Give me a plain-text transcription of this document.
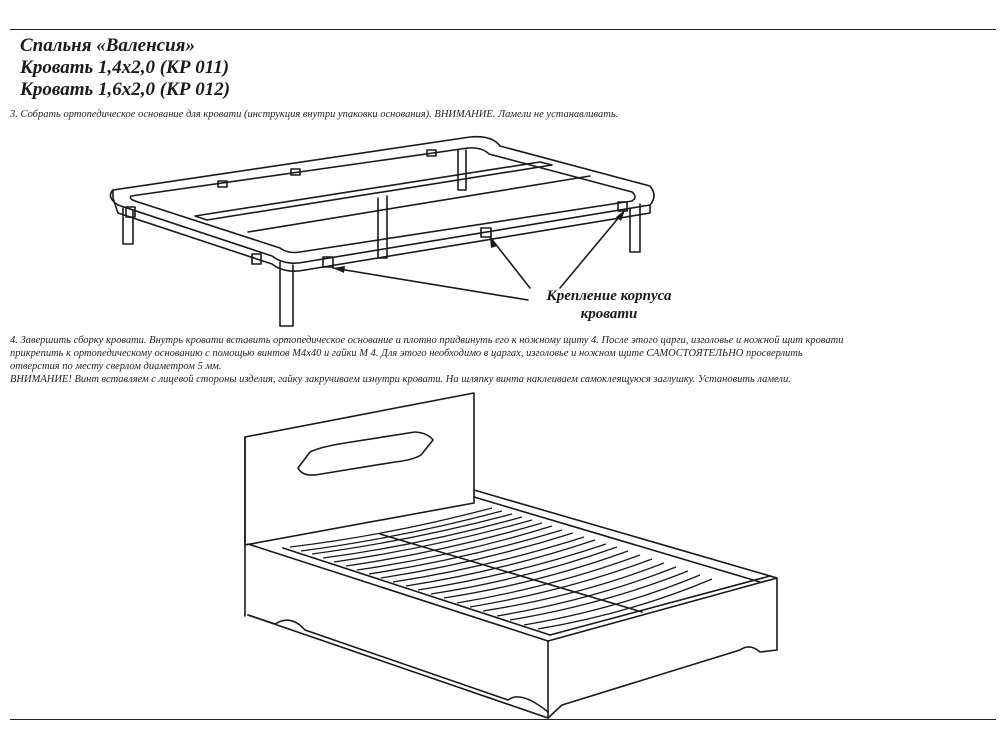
Спальня «Валенсия»
Кровать 1,4х2,0 (КР 011)
Кровать 1,6х2,0 (КР 012)

3. Собрать ортопедическое основание для кровати (инструкция внутри упаковки основания). ВНИМАНИЕ. Ламели не устанавливать.

Крепление корпуса
кровати
4. Завершить сборку кровати. Внутрь кровати вставить ортопедическое основание и плотно придвинуть его к ножному щиту 4. После этого царги, изголовье и ножной щит кровати
прикрепить к ортопедическому основанию с помощью винтов М4х40 и гайки М 4. Для этого необходимо в царгах, изголовье и ножном щите САМОСТОЯТЕЛЬНО просверлить
отверстия по месту сверлом диаметром 5 мм.
ВНИМАНИЕ! Винт вставляем с лицевой стороны изделия, гайку закручиваем изнутри кровати. На шляпку винта наклеиваем самоклеящуюся заглушку. Установить ламели.
